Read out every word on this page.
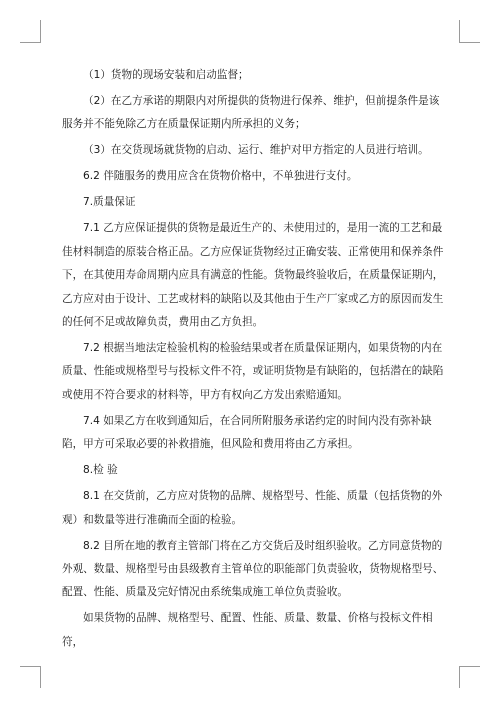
（1）货物的现场安装和启动监督；

（2）在乙方承诺的期限内对所提供的货物进行保养、维护，但前提条件是该服务并不能免除乙方在质量保证期内所承担的义务；

（3）在交货现场就货物的启动、运行、维护对甲方指定的人员进行培训。

6.2 伴随服务的费用应含在货物价格中，不单独进行支付。

7.质量保证

7.1 乙方应保证提供的货物是最近生产的、未使用过的，是用一流的工艺和最佳材料制造的原装合格正品。乙方应保证货物经过正确安装、正常使用和保养条件下，在其使用寿命周期内应具有满意的性能。货物最终验收后，在质量保证期内，乙方应对由于设计、工艺或材料的缺陷以及其他由于生产厂家或乙方的原因而发生的任何不足或故障负责，费用由乙方负担。

7.2 根据当地法定检验机构的检验结果或者在质量保证期内，如果货物的内在质量、性能或规格型号与投标文件不符，或证明货物是有缺陷的，包括潜在的缺陷或使用不符合要求的材料等，甲方有权向乙方发出索赔通知。

7.4 如果乙方在收到通知后，在合同所附服务承诺约定的时间内没有弥补缺陷，甲方可采取必要的补救措施，但风险和费用将由乙方承担。

8.检 验

8.1 在交货前，乙方应对货物的品牌、规格型号、性能、质量（包括货物的外观）和数量等进行准确而全面的检验。

8.2 目所在地的教育主管部门将在乙方交货后及时组织验收。乙方同意货物的外观、数量、规格型号由县级教育主管单位的职能部门负责验收，货物规格型号、配置、性能、质量及完好情况由系统集成施工单位负责验收。

如果货物的品牌、规格型号、配置、性能、质量、数量、价格与投标文件相符，
